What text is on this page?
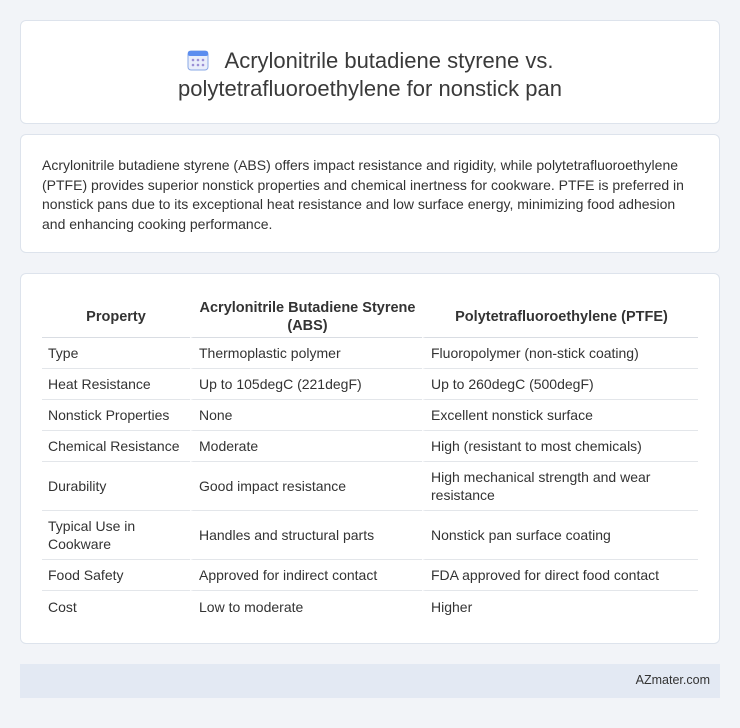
Acrylonitrile butadiene styrene vs.
polytetrafluoroethylene for nonstick pan

Acrylonitrile butadiene styrene (ABS) offers impact resistance and rigidity, while polytetrafluoroethylene (PTFE) provides superior nonstick properties and chemical inertness for cookware. PTFE is preferred in nonstick pans due to its exceptional heat resistance and low surface energy, minimizing food adhesion and enhancing cooking performance.

Property	Acrylonitrile Butadiene Styrene (ABS)	Polytetrafluoroethylene (PTFE)
Type	Thermoplastic polymer	Fluoropolymer (non-stick coating)
Heat Resistance	Up to 105degC (221degF)	Up to 260degC (500degF)
Nonstick Properties	None	Excellent nonstick surface
Chemical Resistance	Moderate	High (resistant to most chemicals)
Durability	Good impact resistance	High mechanical strength and wear resistance
Typical Use in Cookware	Handles and structural parts	Nonstick pan surface coating
Food Safety	Approved for indirect contact	FDA approved for direct food contact
Cost	Low to moderate	Higher
AZmater.com
